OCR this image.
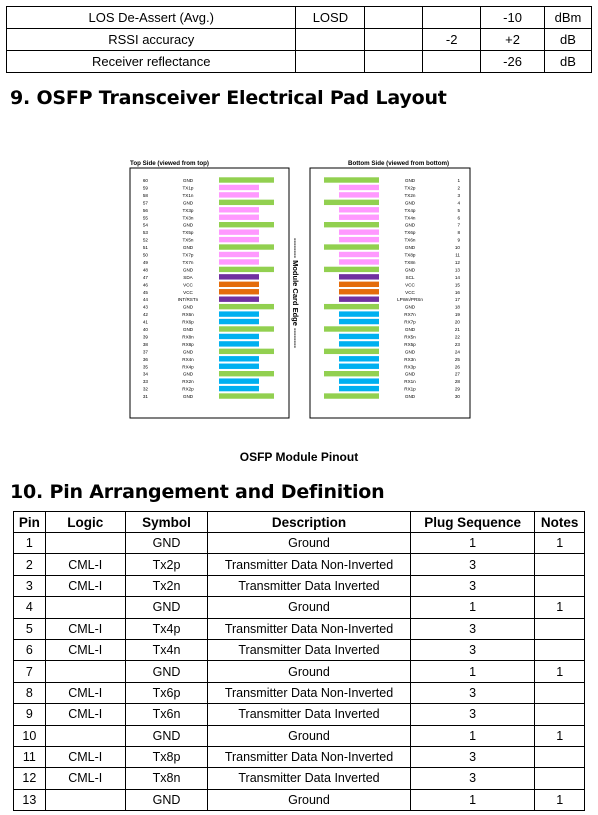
LOS De-Assert (Avg.)	LOSD			-10	dBm
RSSI accuracy			-2	+2	dB
Receiver reflectance				-26	dB
9. OSFP Transceiver Electrical Pad Layout
Top Side (viewed from top)	Bottom Side (viewed from bottom)
-------- Module Card Edge --------
60	GND
59	TX1p
58	TX1n
57	GND
56	TX3p
55	TX3n
54	GND
53	TX5p
52	TX5n
51	GND
50	TX7p
49	TX7n
48	GND
47	SDA
46	VCC
45	VCC
44	INT/RSTn
43	GND
42	RX6n
41	RX6p
40	GND
39	RX8n
38	RX8p
37	GND
36	RX4n
35	RX4p
34	GND
33	RX2n
32	RX2p
31	GND
1
GND
2
TX2p
3
TX2n
4
GND
5
TX4p
6
TX4n
7
GND
8
TX6p
9
TX6n
10
GND
11
TX8p
12
TX8n
13
GND
14
SCL
15
VCC
16
VCC
17
LPWn/PRSn
18
GND
19
RX7n
20
RX7p
21
GND
22
RX5n
23
RX5p
24
GND
25
RX3n
26
RX3p
27
GND
28
RX1n
29
RX1p
30
GND
OSFP Module Pinout
10. Pin Arrangement and Definition
Pin	Logic	Symbol	Description	Plug Sequence	Notes
1		GND	Ground	1	1
2	CML-I	Tx2p	Transmitter Data Non-Inverted	3	
3	CML-I	Tx2n	Transmitter Data Inverted	3	
4		GND	Ground	1	1
5	CML-I	Tx4p	Transmitter Data Non-Inverted	3	
6	CML-I	Tx4n	Transmitter Data Inverted	3	
7		GND	Ground	1	1
8	CML-I	Tx6p	Transmitter Data Non-Inverted	3	
9	CML-I	Tx6n	Transmitter Data Inverted	3	
10		GND	Ground	1	1
11	CML-I	Tx8p	Transmitter Data Non-Inverted	3	
12	CML-I	Tx8n	Transmitter Data Inverted	3	
13		GND	Ground	1	1
